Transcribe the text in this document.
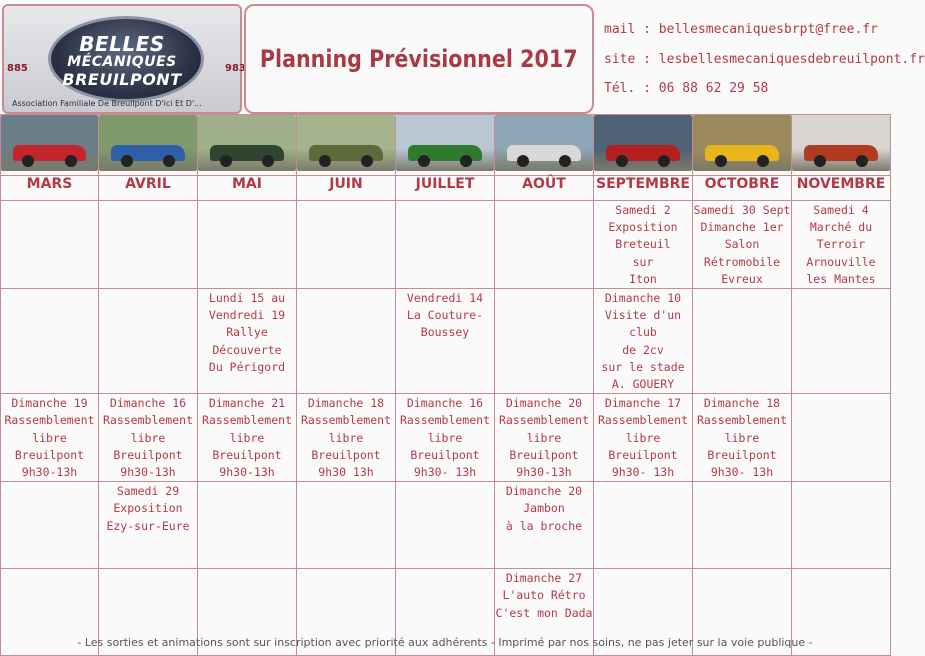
BELLES
MÉCANIQUES
BREUILPONT
885	983
Association Familiale De Breuilpont D'ici Et D'...
Planning Prévisionnel 2017
mail : bellesmecaniquesbrpt@free.fr
site : lesbellesmecaniquesdebreuilpont.fr
Tél. : 06 88 62 29 58

MARS	AVRIL	MAI	JUIN	JUILLET	AOÛT	SEPTEMBRE	OCTOBRE	NOVEMBRE

						Samedi 2
Exposition
Breteuil
sur
Iton	Samedi 30 Sept
Dimanche 1er
Salon
Rétromobile
Evreux	Samedi 4
Marché du
Terroir
Arnouville
les Mantes

		Lundi 15 au
Vendredi 19
Rallye
Découverte
Du Périgord		Vendredi 14
La Couture-
Boussey		Dimanche 10
Visite d'un club
de 2cv
sur le stade
A. GOUERY		

Dimanche 19
Rassemblement
libre
Breuilpont
9h30-13h	Dimanche 16
Rassemblement
libre
Breuilpont
9h30-13h	Dimanche 21
Rassemblement
libre
Breuilpont
9h30-13h	Dimanche 18
Rassemblement
libre
Breuilpont
9h30 13h	Dimanche 16
Rassemblement
libre
Breuilpont
9h30- 13h	Dimanche 20
Rassemblement
libre
Breuilpont
9h30-13h	Dimanche 17
Rassemblement
libre
Breuilpont
9h30- 13h	Dimanche 18
Rassemblement
libre
Breuilpont
9h30- 13h	

	Samedi 29
Exposition
Ezy-sur-Eure				Dimanche 20
Jambon
à la broche			

					Dimanche 27
L'auto Rétro
C'est mon Dada			

- Les sorties et animations sont sur inscription avec priorité aux adhérents - Imprimé par nos soins, ne pas jeter sur la voie publique -
